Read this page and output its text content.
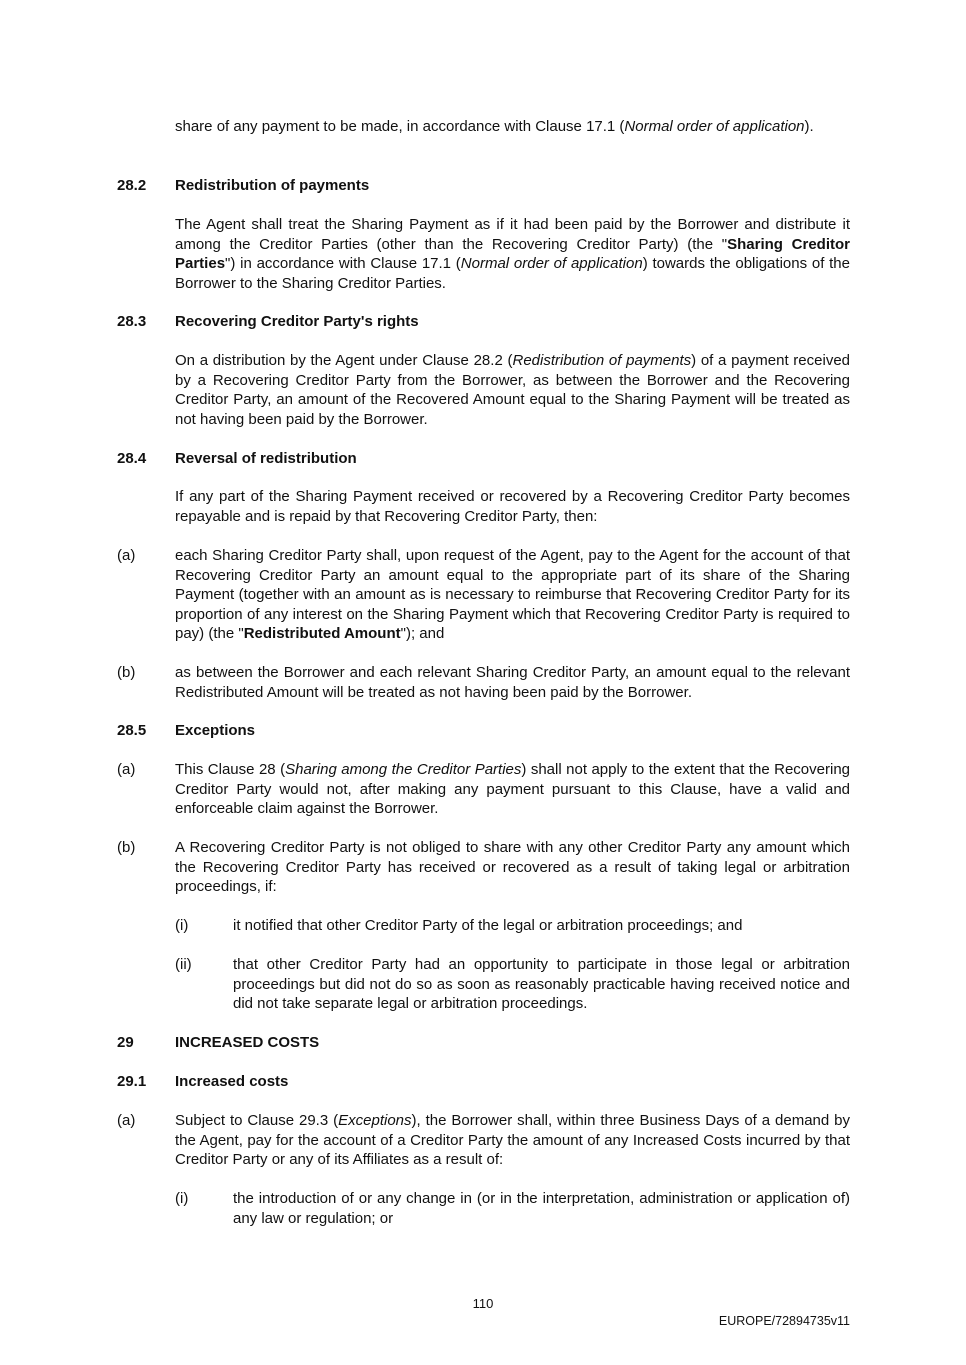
share of any payment to be made, in accordance with Clause 17.1 (Normal order of application).
28.2 Redistribution of payments
The Agent shall treat the Sharing Payment as if it had been paid by the Borrower and distribute it among the Creditor Parties (other than the Recovering Creditor Party) (the "Sharing Creditor Parties") in accordance with Clause 17.1 (Normal order of application) towards the obligations of the Borrower to the Sharing Creditor Parties.
28.3 Recovering Creditor Party's rights
On a distribution by the Agent under Clause 28.2 (Redistribution of payments) of a payment received by a Recovering Creditor Party from the Borrower, as between the Borrower and the Recovering Creditor Party, an amount of the Recovered Amount equal to the Sharing Payment will be treated as not having been paid by the Borrower.
28.4 Reversal of redistribution
If any part of the Sharing Payment received or recovered by a Recovering Creditor Party becomes repayable and is repaid by that Recovering Creditor Party, then:
(a)	each Sharing Creditor Party shall, upon request of the Agent, pay to the Agent for the account of that Recovering Creditor Party an amount equal to the appropriate part of its share of the Sharing Payment (together with an amount as is necessary to reimburse that Recovering Creditor Party for its proportion of any interest on the Sharing Payment which that Recovering Creditor Party is required to pay) (the "Redistributed Amount"); and
(b)	as between the Borrower and each relevant Sharing Creditor Party, an amount equal to the relevant Redistributed Amount will be treated as not having been paid by the Borrower.
28.5 Exceptions
(a)	This Clause 28 (Sharing among the Creditor Parties) shall not apply to the extent that the Recovering Creditor Party would not, after making any payment pursuant to this Clause, have a valid and enforceable claim against the Borrower.
(b)	A Recovering Creditor Party is not obliged to share with any other Creditor Party any amount which the Recovering Creditor Party has received or recovered as a result of taking legal or arbitration proceedings, if:
(i)	it notified that other Creditor Party of the legal or arbitration proceedings; and
(ii)	that other Creditor Party had an opportunity to participate in those legal or arbitration proceedings but did not do so as soon as reasonably practicable having received notice and did not take separate legal or arbitration proceedings.
29	INCREASED COSTS
29.1 Increased costs
(a)	Subject to Clause 29.3 (Exceptions), the Borrower shall, within three Business Days of a demand by the Agent, pay for the account of a Creditor Party the amount of any Increased Costs incurred by that Creditor Party or any of its Affiliates as a result of:
(i)	the introduction of or any change in (or in the interpretation, administration or application of) any law or regulation; or
110
EUROPE/72894735v11
